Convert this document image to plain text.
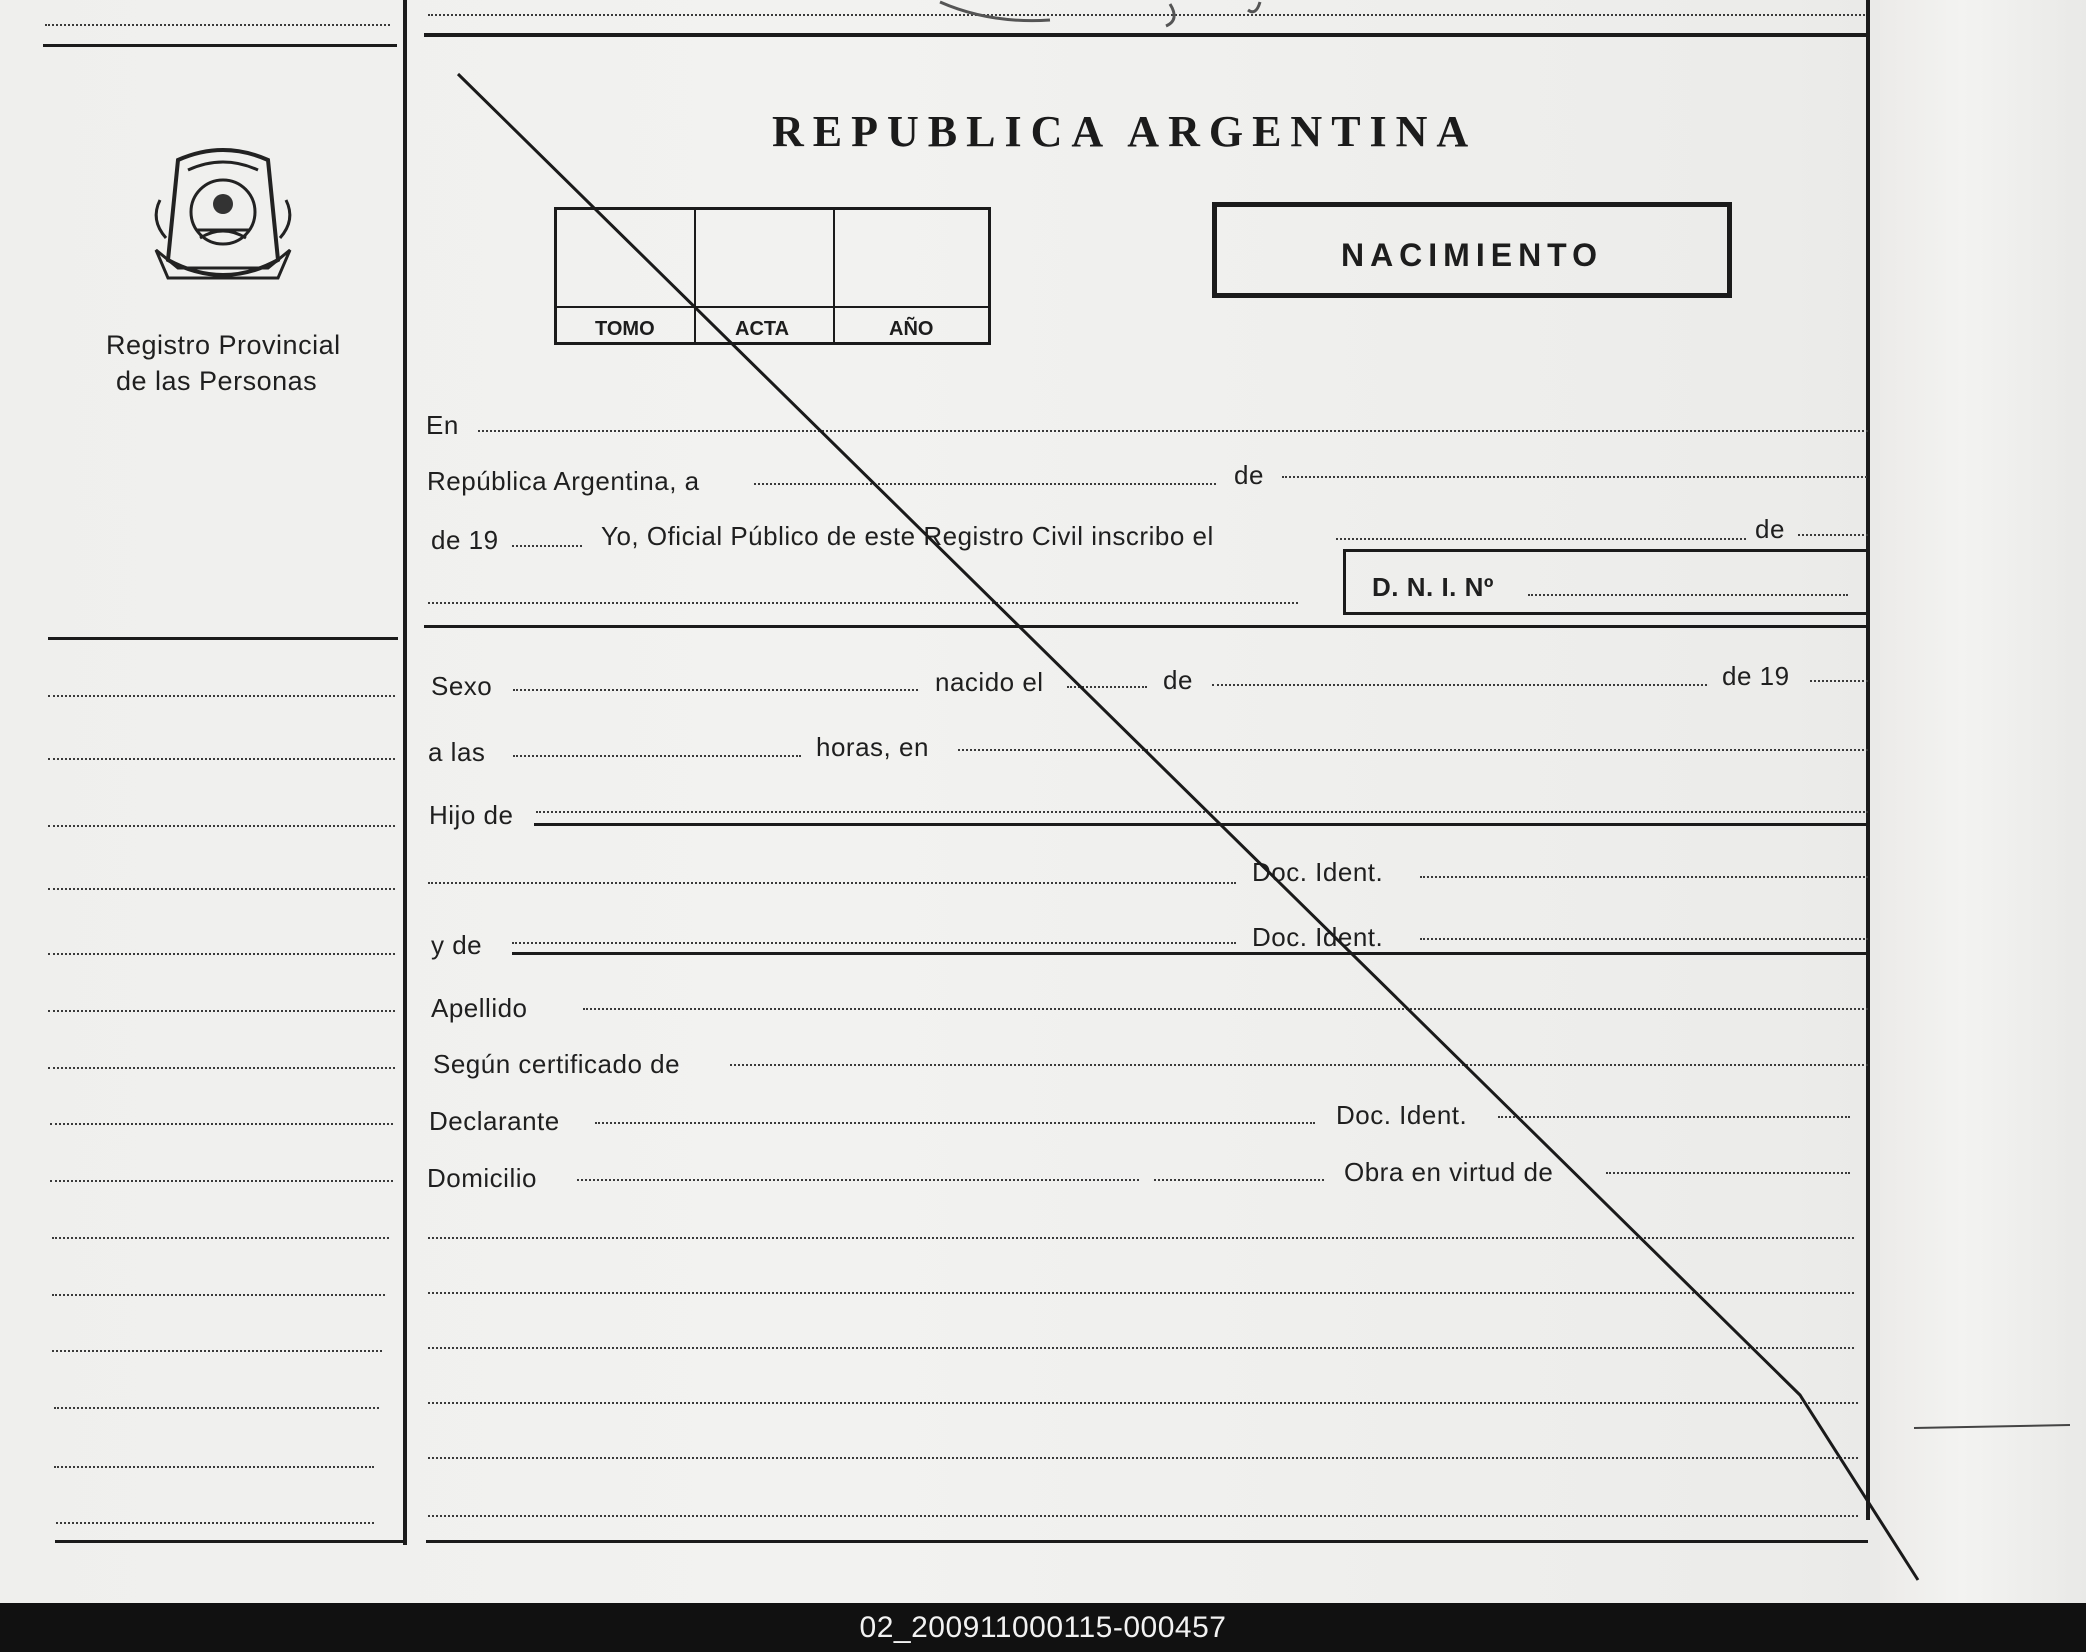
Registro Provincial
de las Personas
REPUBLICA ARGENTINA
TOMO	ACTA	AÑO
NACIMIENTO
En
República Argentina, a	de
de 19	Yo, Oficial Público de este Registro Civil inscribo el	de
D. N. I. Nº
Sexo	nacido el	de	de 19
a las	horas, en
Hijo de
Doc. Ident.
y de	Doc. Ident.
Apellido
Según certificado de
Declarante	Doc. Ident.
Domicilio	Obra en virtud de
02_200911000115-000457
